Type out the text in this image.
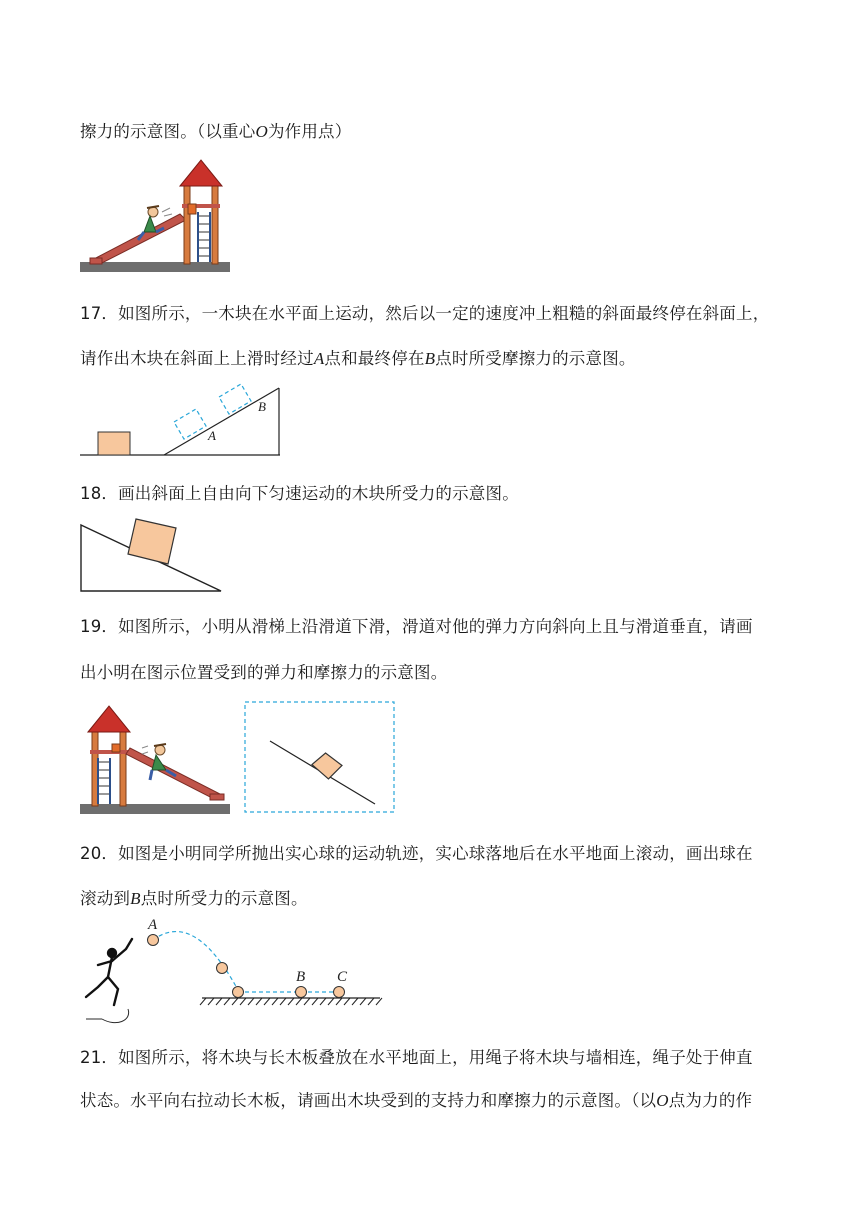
擦力的示意图。（以重心O为作用点）
17．如图所示，一木块在水平面上运动，然后以一定的速度冲上粗糙的斜面最终停在斜面上，
请作出木块在斜面上上滑时经过A点和最终停在B点时所受摩擦力的示意图。
A
B
18．画出斜面上自由向下匀速运动的木块所受力的示意图。
19．如图所示，小明从滑梯上沿滑道下滑，滑道对他的弹力方向斜向上且与滑道垂直，请画
出小明在图示位置受到的弹力和摩擦力的示意图。
20．如图是小明同学所抛出实心球的运动轨迹，实心球落地后在水平地面上滚动，画出球在
滚动到B点时所受力的示意图。
A
B C
21．如图所示，将木块与长木板叠放在水平地面上，用绳子将木块与墙相连，绳子处于伸直
状态。水平向右拉动长木板，请画出木块受到的支持力和摩擦力的示意图。（以O点为力的作
